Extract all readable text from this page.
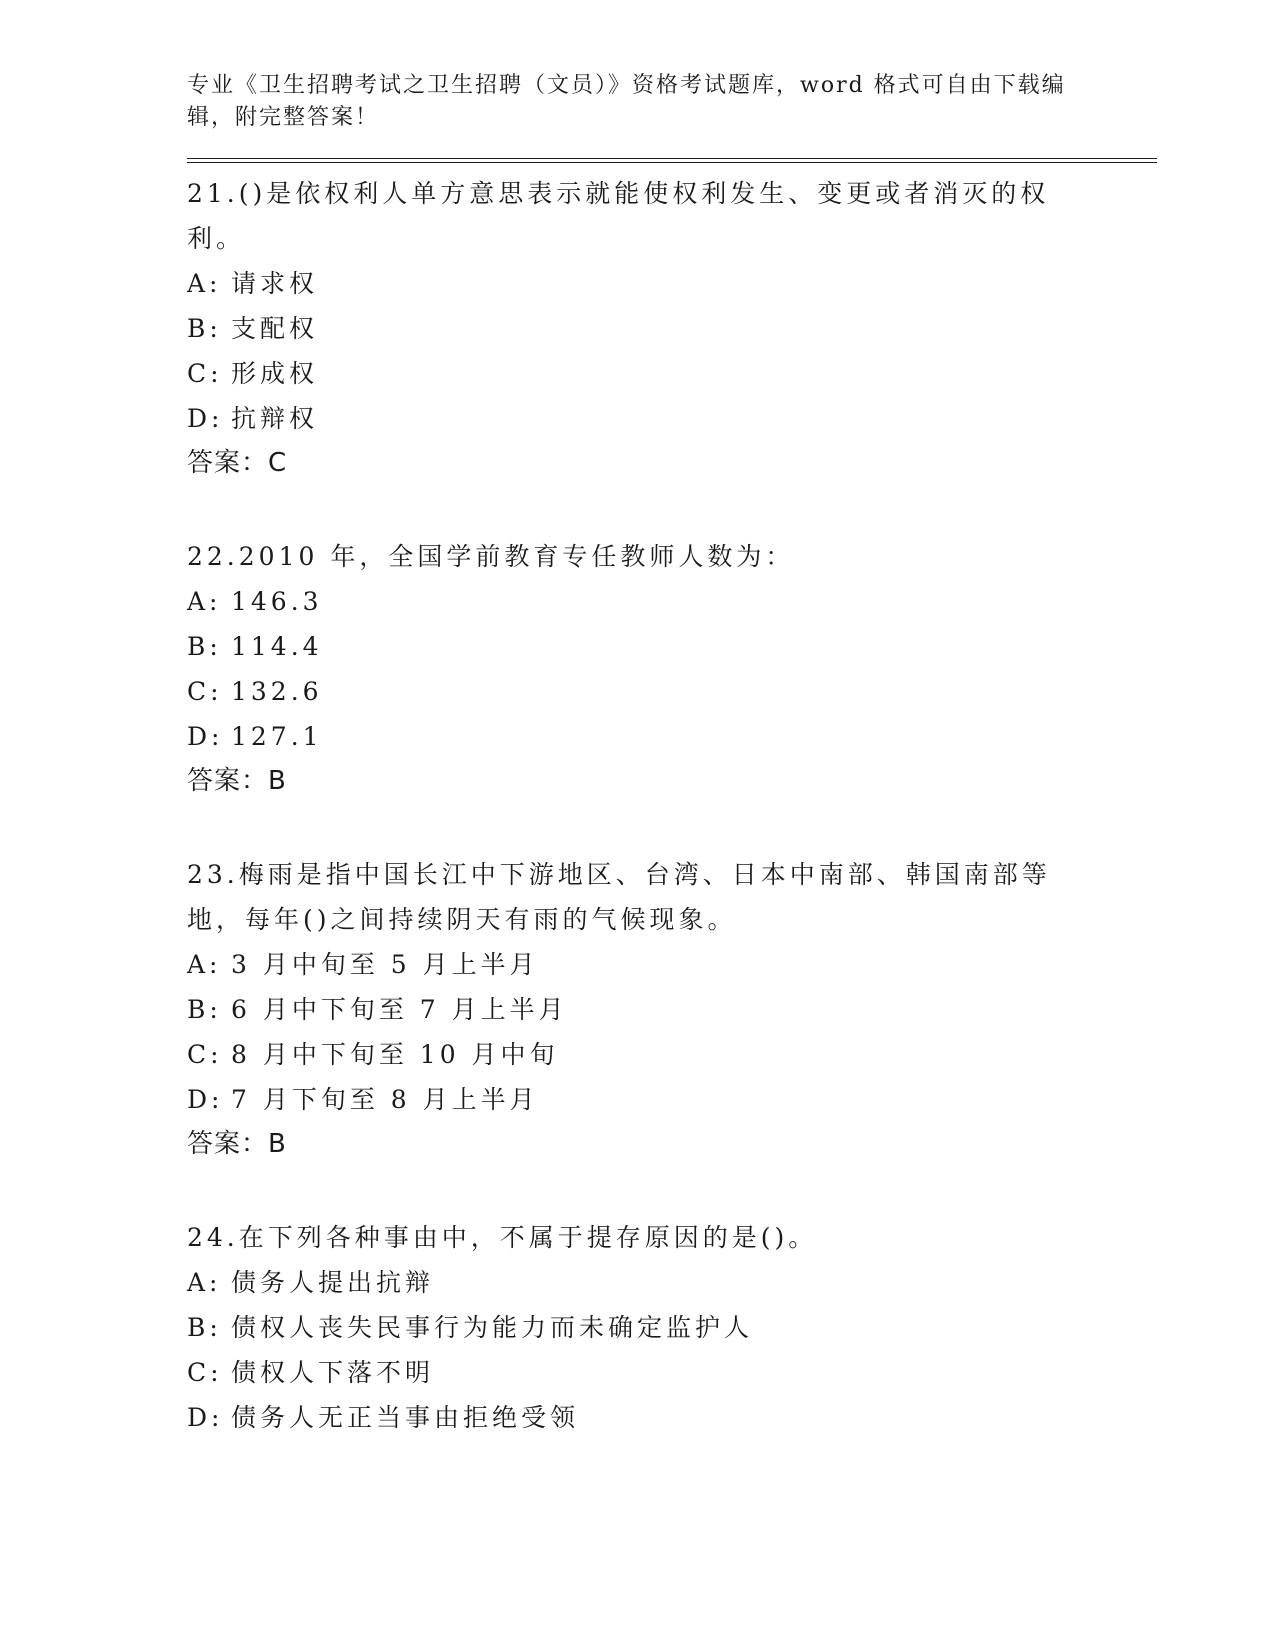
专业《卫生招聘考试之卫生招聘（文员）》资格考试题库，word 格式可自由下载编辑，附完整答案！
21.()是依权利人单方意思表示就能使权利发生、变更或者消灭的权利。
A: 请求权
B: 支配权
C: 形成权
D: 抗辩权
答案：C
22.2010 年，全国学前教育专任教师人数为：
A: 146.3
B: 114.4
C: 132.6
D: 127.1
答案：B
23.梅雨是指中国长江中下游地区、台湾、日本中南部、韩国南部等地，每年()之间持续阴天有雨的气候现象。
A: 3 月中旬至 5 月上半月
B: 6 月中下旬至 7 月上半月
C: 8 月中下旬至 10 月中旬
D: 7 月下旬至 8 月上半月
答案：B
24.在下列各种事由中，不属于提存原因的是()。
A: 债务人提出抗辩
B: 债权人丧失民事行为能力而未确定监护人
C: 债权人下落不明
D: 债务人无正当事由拒绝受领
